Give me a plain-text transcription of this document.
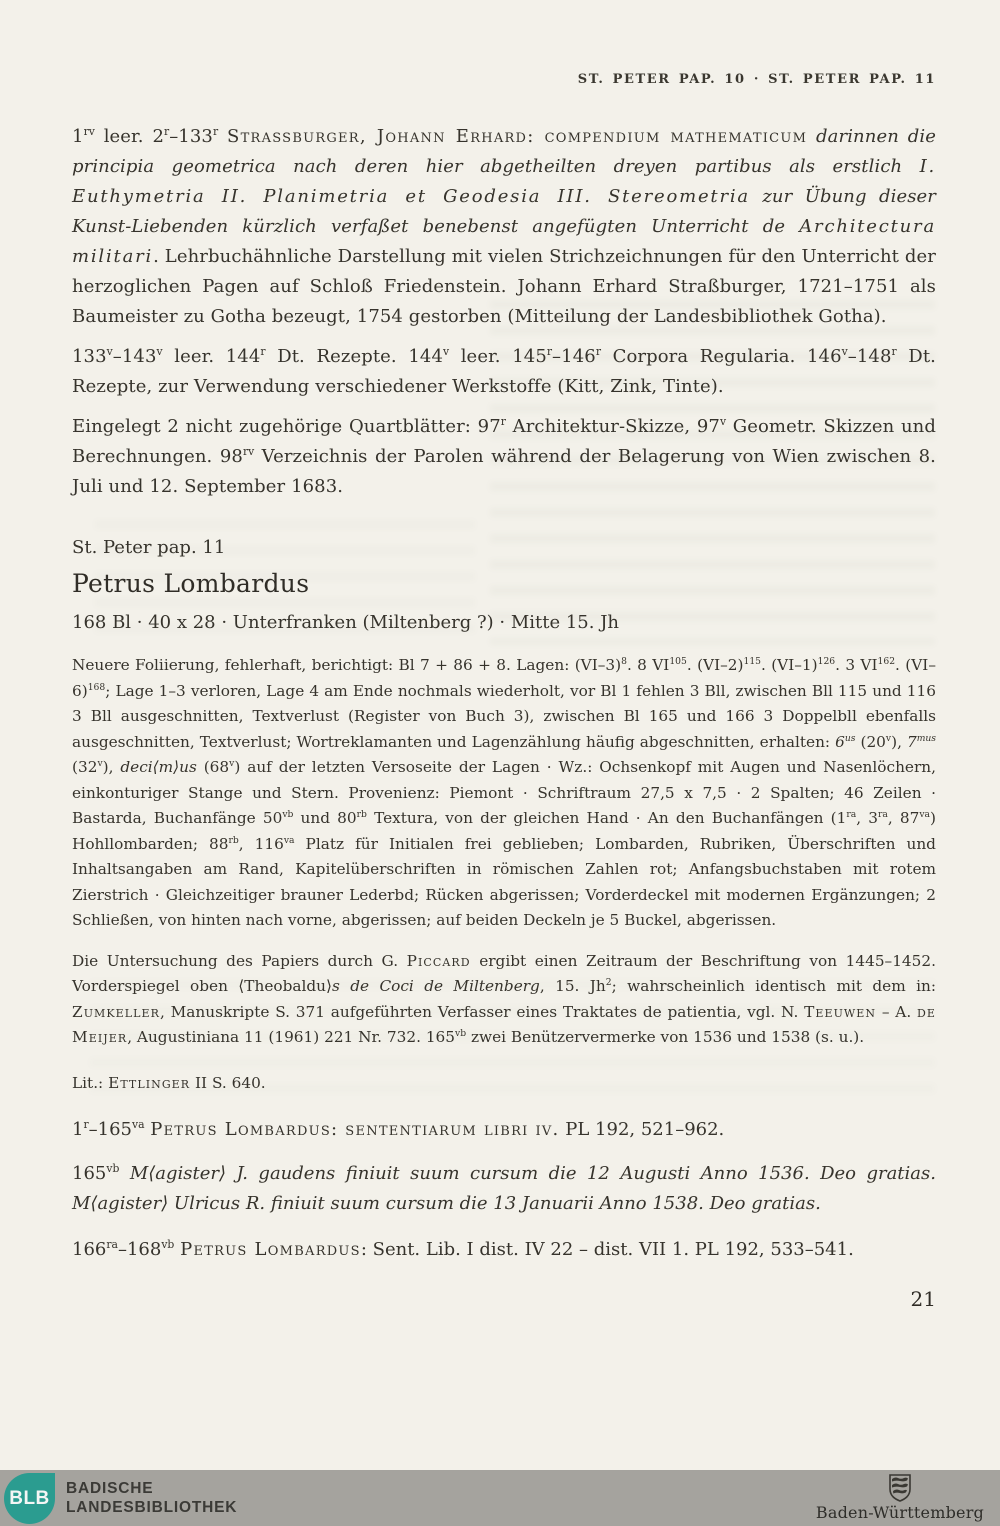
ST. PETER PAP. 10 · ST. PETER PAP. 11

$1^{rv}$ leer. 2$^r$–133$^r$ Strassburger, Johann Erhard: compendium mathematicum darinnen die principia geometrica nach deren hier abgetheilten dreyen partibus als erstlich I. Euthymetria II. Planimetria et Geodesia III. Stereometria zur Übung dieser Kunst-Liebenden kürzlich verfaßet benebenst angefügten Unterricht de Architectura militari. Lehrbuchähnliche Darstellung mit vielen Strichzeichnungen für den Unterricht der herzoglichen Pagen auf Schloß Friedenstein. Johann Erhard Straßburger, 1721–1751 als Baumeister zu Gotha bezeugt, 1754 gestorben (Mitteilung der Landesbibliothek Gotha).

133$^v$–143$^v$ leer. 144$^r$ Dt. Rezepte. 144$^v$ leer. 145$^r$–146$^r$ Corpora Regularia. 146$^v$–148$^r$ Dt. Rezepte, zur Verwendung verschiedener Werkstoffe (Kitt, Zink, Tinte).

Eingelegt 2 nicht zugehörige Quartblätter: 97$^r$ Architektur-Skizze, 97$^v$ Geometr. Skizzen und Berechnungen. $98^{rv}$ Verzeichnis der Parolen während der Belagerung von Wien zwischen 8. Juli und 12. September 1683.

St. Peter pap. 11
Petrus Lombardus
168 Bl · 40 x 28 · Unterfranken (Miltenberg ?) · Mitte 15. Jh

Neuere Foliierung, fehlerhaft, berichtigt: Bl 7 + 86 + 8. Lagen: $(VI-3)^8$. 8 VI$^{105}$. $(VI-2)^{115}$. $(VI-1)^{126}$. 3 VI$^{162}$. $(VI-6)^{168}$; Lage 1–3 verloren, Lage 4 am Ende nochmals wiederholt, vor Bl 1 fehlen 3 Bll, zwischen Bll 115 und 116 3 Bll ausgeschnitten, Textverlust (Register von Buch 3), zwischen Bl 165 und 166 3 Doppelbll ebenfalls ausgeschnitten, Textverlust; Wortreklamanten und Lagenzählung häufig abgeschnitten, erhalten: $6^{us}$ (20$^v$), $7^{mus}$ (32$^v$), deci⟨m⟩us (68$^v$) auf der letzten Versoseite der Lagen · Wz.: Ochsenkopf mit Augen und Nasenlöchern, einkonturiger Stange und Stern. Provenienz: Piemont · Schriftraum 27,5 x 7,5 · 2 Spalten; 46 Zeilen · Bastarda, Buchanfänge $50^{vb}$ und $80^{rb}$ Textura, von der gleichen Hand · An den Buchanfängen ($1^{ra}$, $3^{ra}$, $87^{va}$) Hohllombarden; $88^{rb}$, $116^{va}$ Platz für Initialen frei geblieben; Lombarden, Rubriken, Überschriften und Inhaltsangaben am Rand, Kapitelüberschriften in römischen Zahlen rot; Anfangsbuchstaben mit rotem Zierstrich · Gleichzeitiger brauner Lederbd; Rücken abgerissen; Vorderdeckel mit modernen Ergänzungen; 2 Schließen, von hinten nach vorne, abgerissen; auf beiden Deckeln je 5 Buckel, abgerissen.

Die Untersuchung des Papiers durch G. Piccard ergibt einen Zeitraum der Beschriftung von 1445–1452. Vorderspiegel oben ⟨Theobaldu⟩s de Coci de Miltenberg, 15. Jh$^2$; wahrscheinlich identisch mit dem in: Zumkeller, Manuskripte S. 371 aufgeführten Verfasser eines Traktates de patientia, vgl. N. Teeuwen – A. de Meijer, Augustiniana 11 (1961) 221 Nr. 732. $165^{vb}$ zwei Benützervermerke von 1536 und 1538 (s. u.).

Lit.: Ettlinger II S. 640.

$1^r-165^{va}$ Petrus Lombardus: sententiarum libri iv. PL 192, 521–962.

$165^{vb}$ M⟨agister⟩ J. gaudens finiuit suum cursum die 12 Augusti Anno 1536. Deo gratias. M⟨agister⟩ Ulricus R. finiuit suum cursum die 13 Januarii Anno 1538. Deo gratias.

$166^{ra}-168^{vb}$ Petrus Lombardus: Sent. Lib. I dist. IV 22 – dist. VII 1. PL 192, 533–541.

21
BLB BADISCHE
LANDESBIBLIOTHEK	Baden-Württemberg
